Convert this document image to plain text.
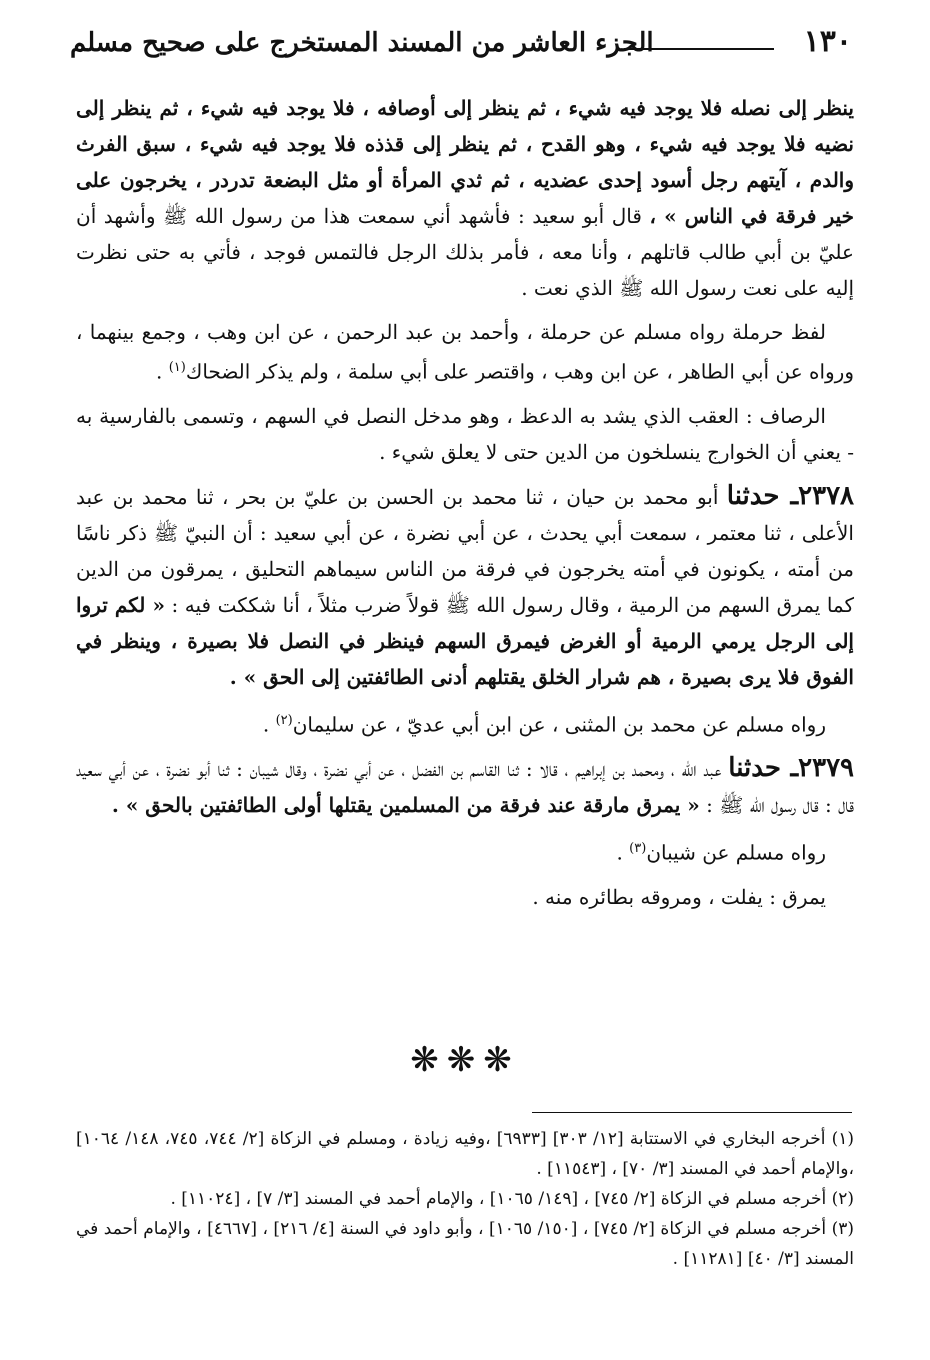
١٣٠
الجزء العاشر من المسند المستخرج على صحيح مسلم

ينظر إلى نصله فلا يوجد فيه شيء ، ثم ينظر إلى أوصافه ، فلا يوجد فيه شيء ، ثم ينظر إلى نضيه فلا يوجد فيه شيء ، وهو القدح ، ثم ينظر إلى قذذه فلا يوجد فيه شيء ، سبق الفرث والدم ، آيتهم رجل أسود إحدى عضديه ، ثم ثدي المرأة أو مثل البضعة تدردر ، يخرجون على خير فرقة في الناس » ، قال أبو سعيد : فأشهد أني سمعت هذا من رسول الله ﷺ وأشهد أن عليّ بن أبي طالب قاتلهم ، وأنا معه ، فأمر بذلك الرجل فالتمس فوجد ، فأتي به حتى نظرت إليه على نعت رسول الله ﷺ الذي نعت .

لفظ حرملة رواه مسلم عن حرملة ، وأحمد بن عبد الرحمن ، عن ابن وهب ، وجمع بينهما ، ورواه عن أبي الطاهر ، عن ابن وهب ، واقتصر على أبي سلمة ، ولم يذكر الضحاك$^{(١)}$ .

الرصاف : العقب الذي يشد به الدعظ ، وهو مدخل النصل في السهم ، وتسمى بالفارسية به - يعني أن الخوارج ينسلخون من الدين حتى لا يعلق شيء .

٢٣٧٨ـ حدثنا أبو محمد بن حيان ، ثنا محمد بن الحسن بن عليّ بن بحر ، ثنا محمد بن عبد الأعلى ، ثنا معتمر ، سمعت أبي يحدث ، عن أبي نضرة ، عن أبي سعيد : أن النبيّ ﷺ ذكر ناسًا من أمته ، يكونون في أمته يخرجون في فرقة من الناس سيماهم التحليق ، يمرقون من الدين كما يمرق السهم من الرمية ، وقال رسول الله ﷺ قولاً ضرب مثلاً ، أنا شككت فيه : « لكم تروا إلى الرجل يرمي الرمية أو الغرض فيمرق السهم فينظر في النصل فلا بصيرة ، وينظر في الفوق فلا يرى بصيرة ، هم شرار الخلق يقتلهم أدنى الطائفتين إلى الحق » .

رواه مسلم عن محمد بن المثنى ، عن ابن أبي عديّ ، عن سليمان$^{(٢)}$ .

٢٣٧٩ـ حدثنا عبد الله ، ومحمد بن إبراهيم ، قالا : ثنا القاسم بن الفضل ، عن أبي نضرة ، وقال شيبان : ثنا أبو نضرة ، عن أبي سعيد قال : قال رسول الله ﷺ : « يمرق مارقة عند فرقة من المسلمين يقتلها أولى الطائفتين بالحق » .

رواه مسلم عن شيبان$^{(٣)}$ .

يمرق : يفلت ، ومروقه بطائره منه .

❋❋❋

(١) أخرجه البخاري في الاستتابة [١٢/ ٣٠٣] [٦٩٣٣] ،وفيه زيادة ، ومسلم في الزكاة [٢/ ٧٤٤، ٧٤٥، ١٤٨/ ١٠٦٤] ،والإمام أحمد في المسند [٣/ ٧٠] ، [١١٥٤٣] .

(٢) أخرجه مسلم في الزكاة [٢/ ٧٤٥] ، [١٤٩/ ١٠٦٥] ، والإمام أحمد في المسند [٣/ ٧] ، [١١٠٢٤] .

(٣) أخرجه مسلم في الزكاة [٢/ ٧٤٥] ، [١٥٠/ ١٠٦٥] ، وأبو داود في السنة [٤/ ٢١٦] ، [٤٦٦٧] ، والإمام أحمد في المسند [٣/ ٤٠] [١١٢٨١] .
